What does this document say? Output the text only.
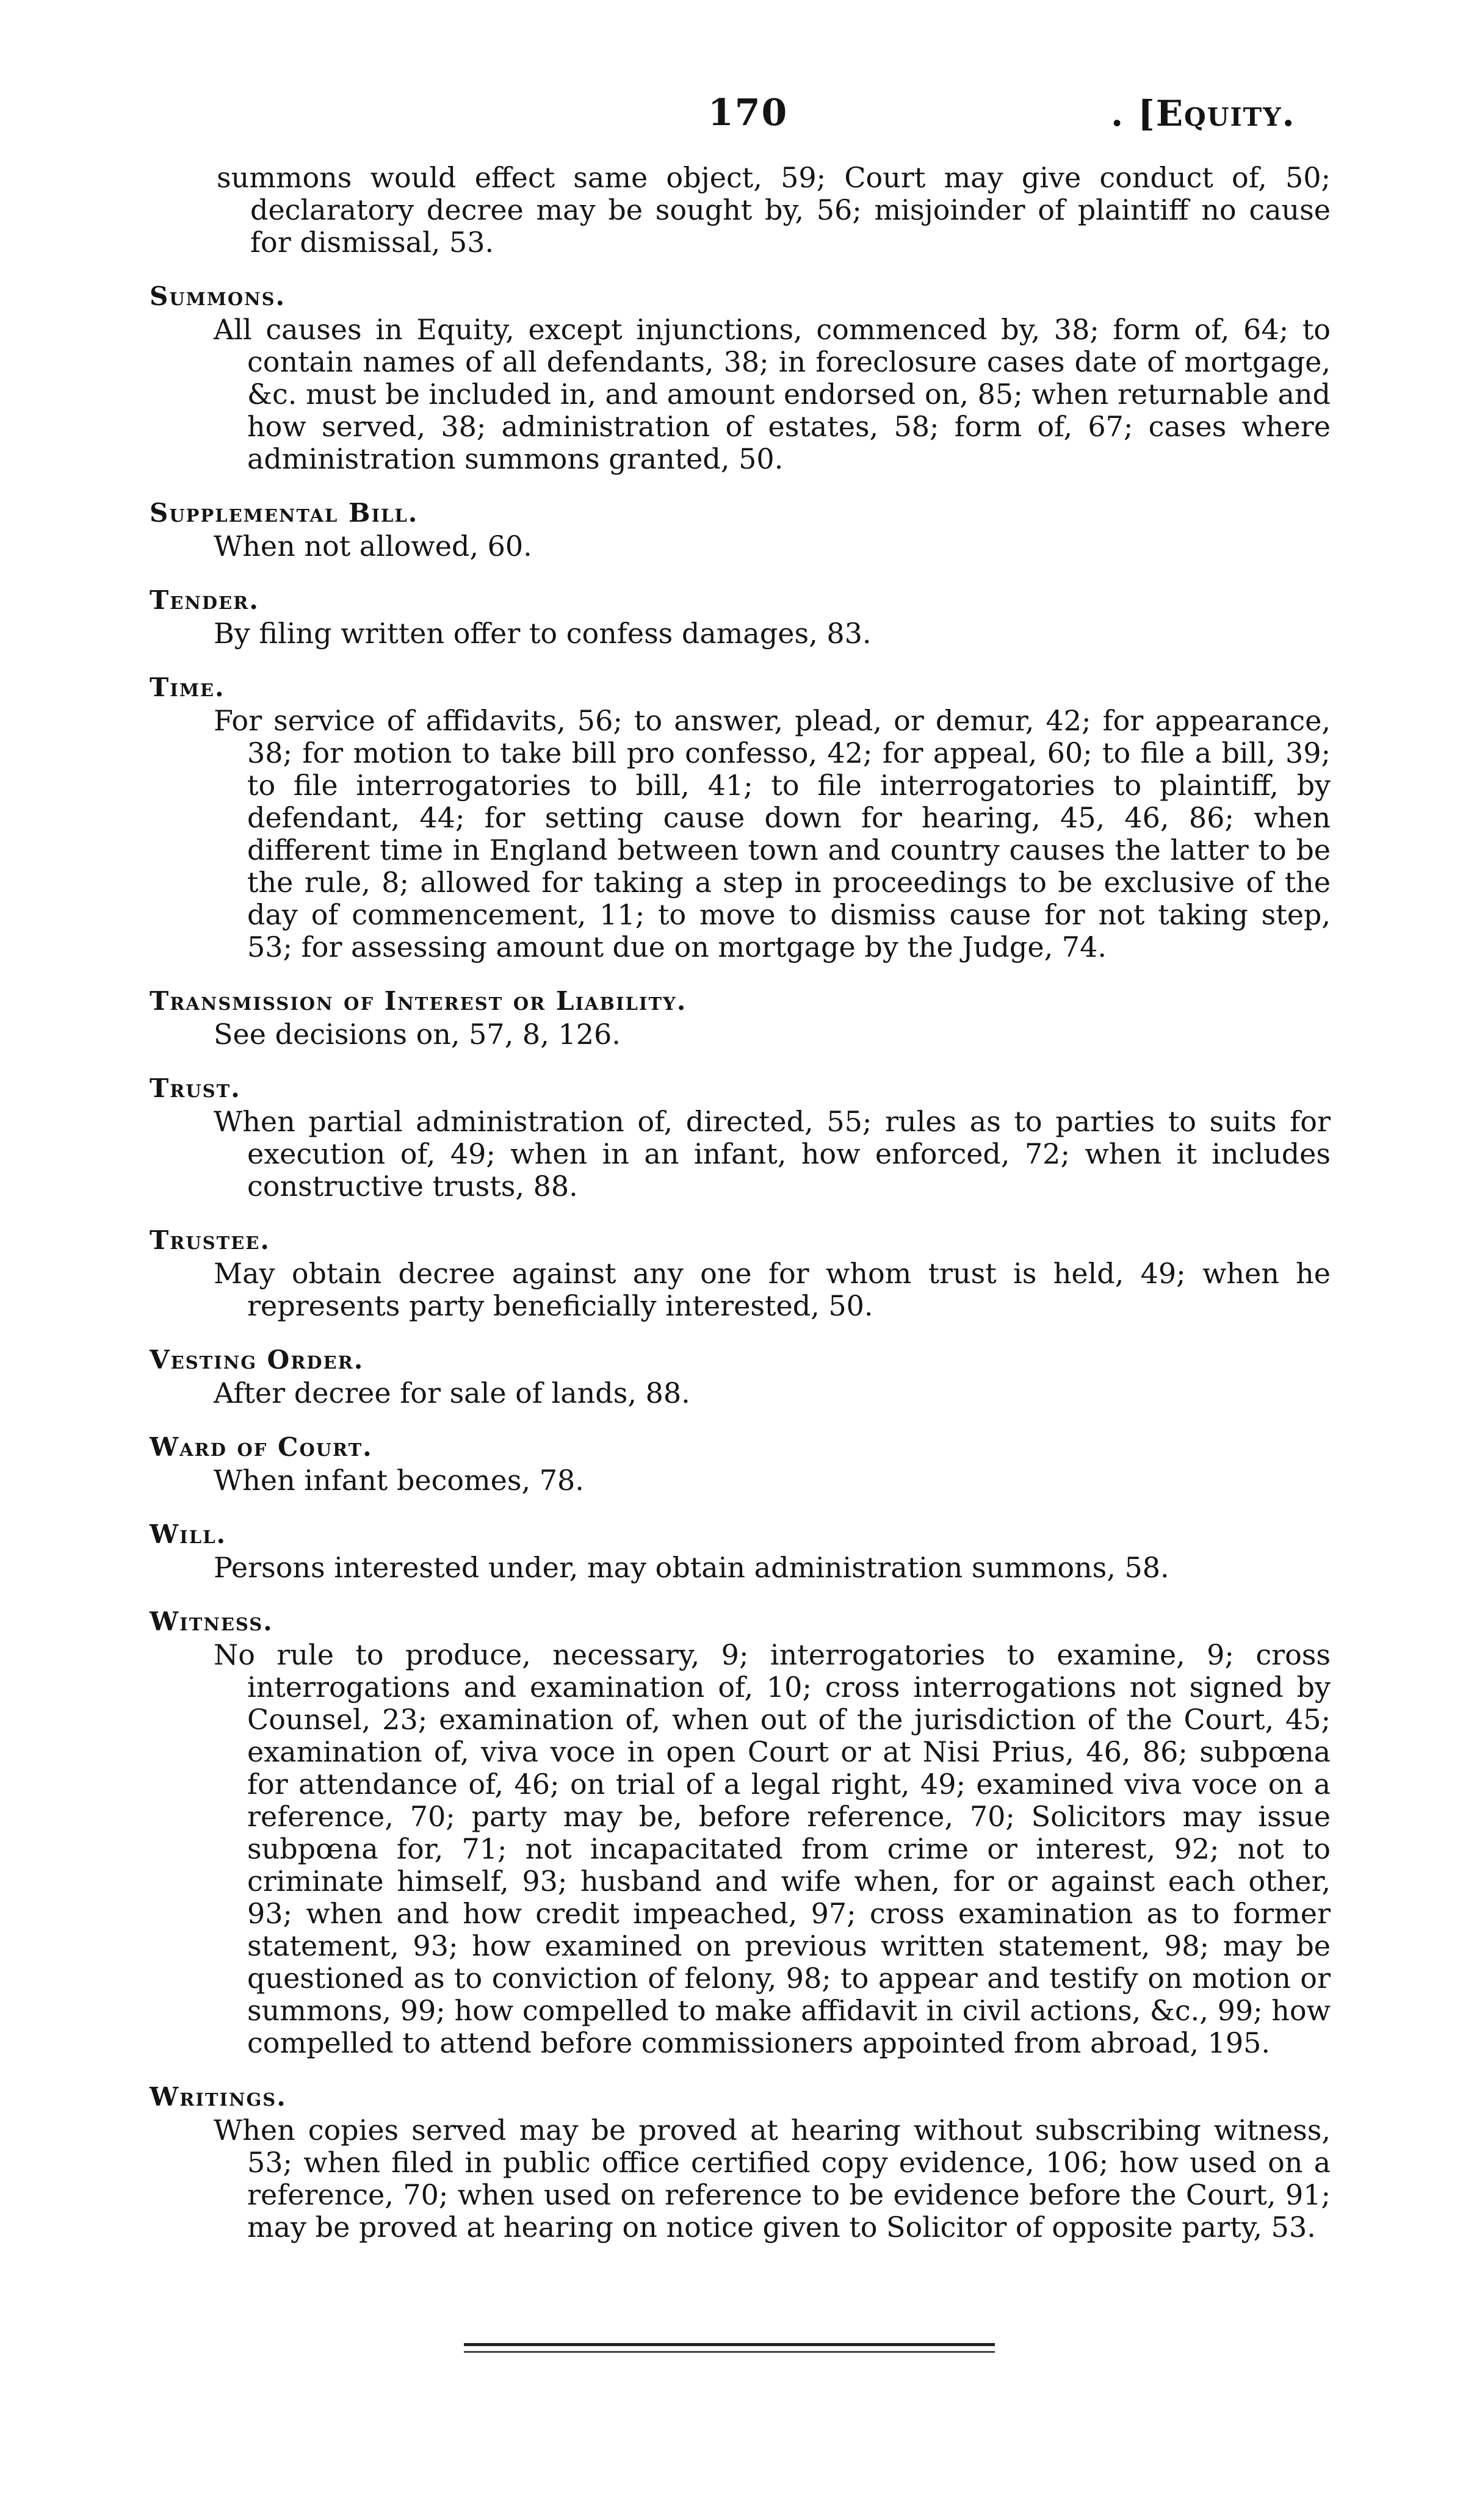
170	. [Equity.
summons would effect same object, 59; Court may give conduct of, 50; declaratory decree may be sought by, 56; misjoinder of plaintiff no cause for dismissal, 53.
Summons.
All causes in Equity, except injunctions, commenced by, 38; form of, 64; to contain names of all defendants, 38; in foreclosure cases date of mortgage, &c. must be included in, and amount endorsed on, 85; when returnable and how served, 38; administration of estates, 58; form of, 67; cases where administration summons granted, 50.
Supplemental Bill.
When not allowed, 60.
Tender.
By filing written offer to confess damages, 83.
Time.
For service of affidavits, 56; to answer, plead, or demur, 42; for appearance, 38; for motion to take bill pro confesso, 42; for appeal, 60; to file a bill, 39; to file interrogatories to bill, 41; to file interrogatories to plaintiff, by defendant, 44; for setting cause down for hearing, 45, 46, 86; when different time in England between town and country causes the latter to be the rule, 8; allowed for taking a step in proceedings to be exclusive of the day of commencement, 11; to move to dismiss cause for not taking step, 53; for assessing amount due on mortgage by the Judge, 74.
Transmission of Interest or Liability.
See decisions on, 57, 8, 126.
Trust.
When partial administration of, directed, 55; rules as to parties to suits for execution of, 49; when in an infant, how enforced, 72; when it includes constructive trusts, 88.
Trustee.
May obtain decree against any one for whom trust is held, 49; when he represents party beneficially interested, 50.
Vesting Order.
After decree for sale of lands, 88.
Ward of Court.
When infant becomes, 78.
Will.
Persons interested under, may obtain administration summons, 58.
Witness.
No rule to produce, necessary, 9; interrogatories to examine, 9; cross interrogations and examination of, 10; cross interrogations not signed by Counsel, 23; examination of, when out of the jurisdiction of the Court, 45; examination of, viva voce in open Court or at Nisi Prius, 46, 86; subpœna for attendance of, 46; on trial of a legal right, 49; examined viva voce on a reference, 70; party may be, before reference, 70; Solicitors may issue subpœna for, 71; not incapacitated from crime or interest, 92; not to criminate himself, 93; husband and wife when, for or against each other, 93; when and how credit impeached, 97; cross examination as to former statement, 93; how examined on previous written statement, 98; may be questioned as to conviction of felony, 98; to appear and testify on motion or summons, 99; how compelled to make affidavit in civil actions, &c., 99; how compelled to attend before commissioners appointed from abroad, 195.
Writings.
When copies served may be proved at hearing without subscribing witness, 53; when filed in public office certified copy evidence, 106; how used on a reference, 70; when used on reference to be evidence before the Court, 91; may be proved at hearing on notice given to Solicitor of opposite party, 53.
